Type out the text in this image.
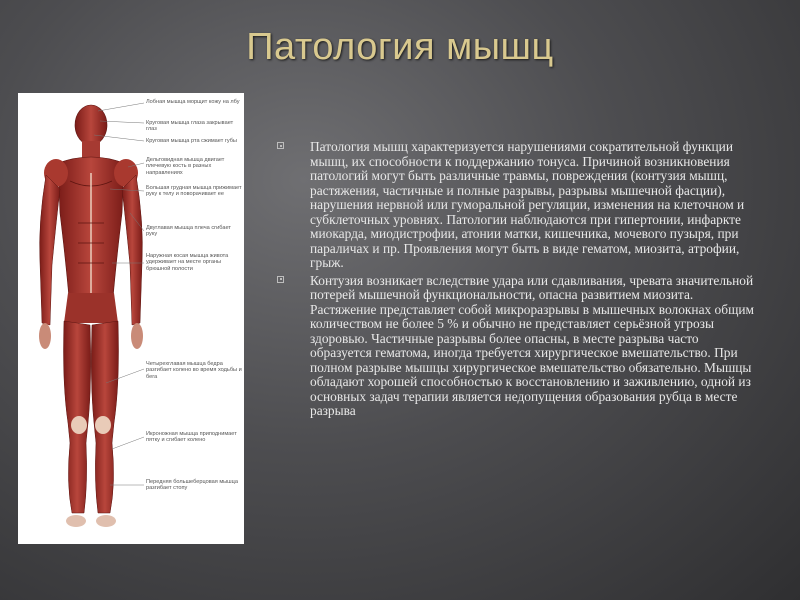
Патология мышц
Лобная мышца морщит кожу на лбу
Круговая мышца глаза закрывает глаз
Круговая мышца рта сжимает губы
Дельтовидная мышца двигает плечевую кость в разных направлениях
Большая грудная мышца прижимает руку к телу и поворачивает ее
Двуглавая мышца плеча сгибает руку
Наружная косая мышца живота удерживает на месте органы брюшной полости
Четырехглавая мышца бедра разгибает колено во время ходьбы и бега
Икроножная мышца приподнимает пятку и сгибает колено
Передняя большеберцовая мышца разгибает стопу
Патология мышц характеризуется нарушениями сократительной функции мышц, их способности к поддержанию тонуса. Причиной возникновения патологий могут быть различные травмы, повреждения (контузия мышц, растяжения, частичные и полные разрывы, разрывы мышечной фасции), нарушения нервной или гуморальной регуляции, изменения на клеточном и субклеточных уровнях. Патологии наблюдаются при гипертонии, инфаркте миокарда, миодистрофии, атонии матки, кишечника, мочевого пузыря, при параличах и пр. Проявления могут быть в виде гематом, миозита, атрофии, грыж.
Контузия возникает вследствие удара или сдавливания, чревата значительной потерей мышечной функциональности, опасна развитием миозита. Растяжение представляет собой микроразрывы в мышечных волокнах общим количеством не более 5 % и обычно не представляет серьёзной угрозы здоровью. Частичные разрывы более опасны, в месте разрыва часто образуется гематома, иногда требуется хирургическое вмешательство. При полном разрыве мышцы хирургическое вмешательство обязательно. Мышцы обладают хорошей способностью к восстановлению и заживлению, одной из основных задач терапии является недопущения образования рубца в месте разрыва
